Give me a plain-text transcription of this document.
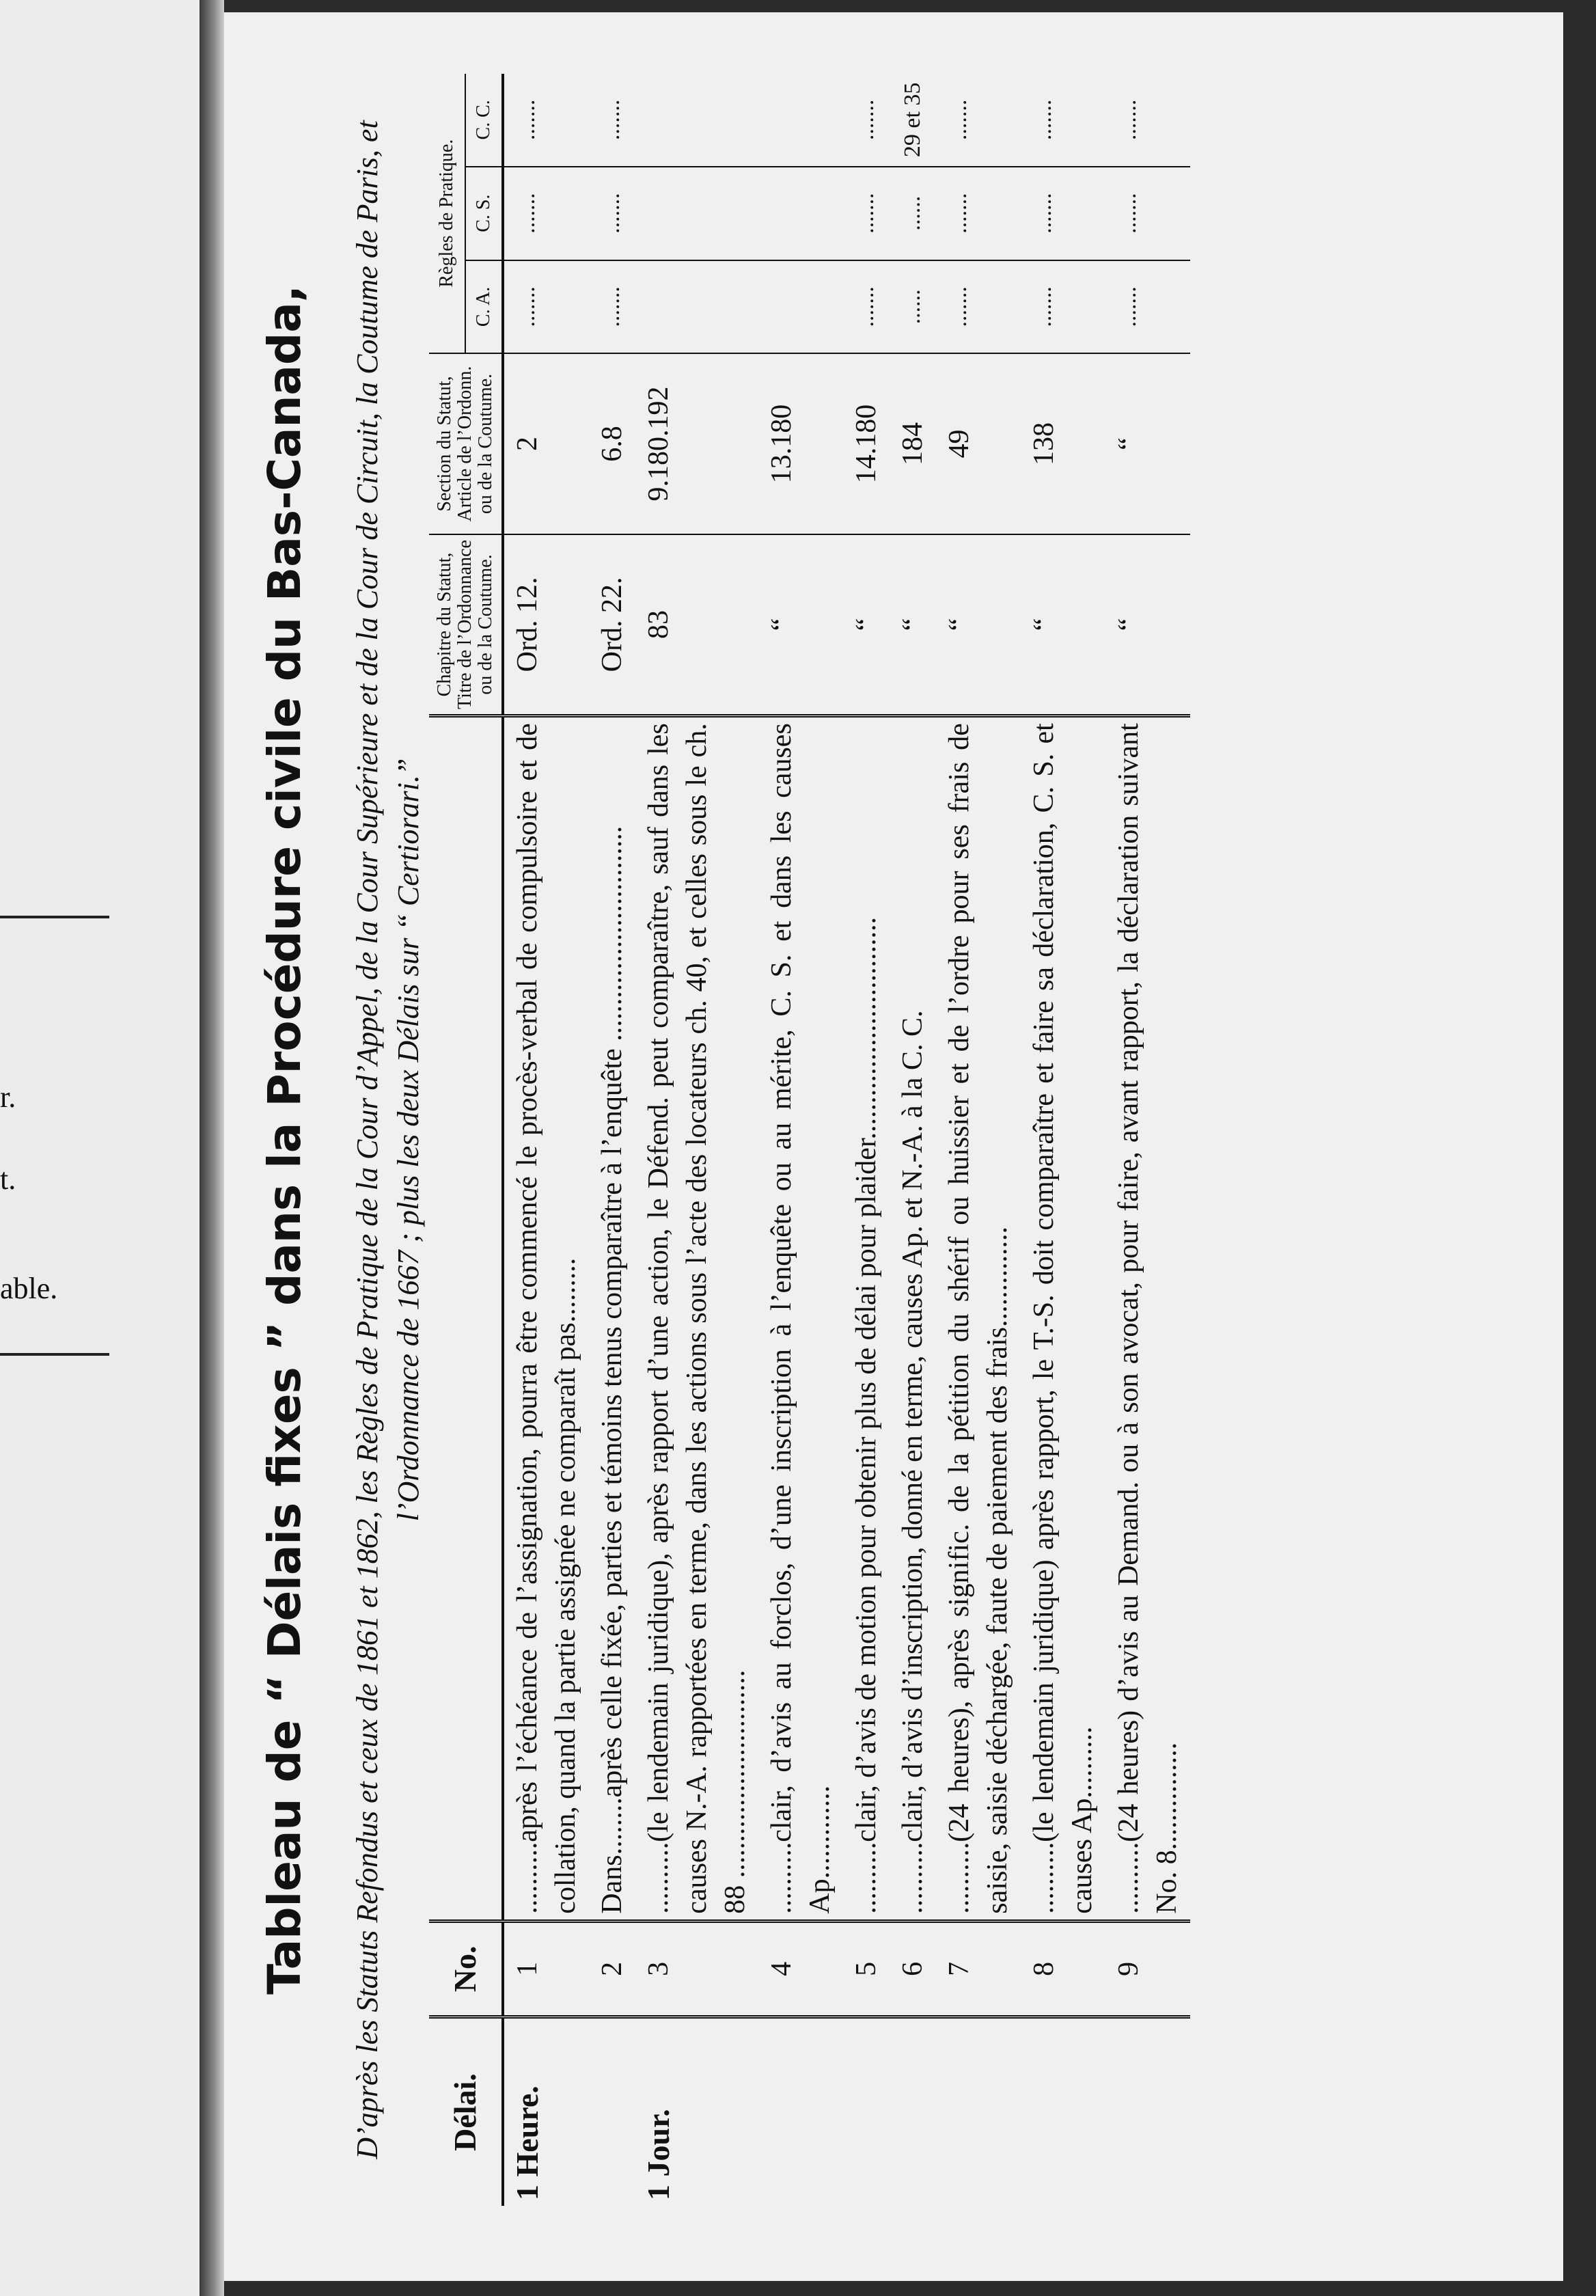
r.
t.
able.	Tableau de “ Délais fixes ” dans la Procédure civile du Bas-Canada, D’après les Statuts Refondus et ceux de 1861 et 1862, les Règles de Pratique de la Cour d’Appel, de la Cour Supérieure et de la Cour de Circuit, la Coutume de Paris, et l’Ordonnance de 1667 ; plus les deux Délais sur “ Certiorari.”
Délai.	No.		Chapitre du Statut, Titre de l’Ordonnance ou de la Coutume.	Section du Statut, Article de l’Ordonn. ou de la Coutume.	Règles de Pratique.		
					C. A.	C. S.	C. C.
1 Heure.	1	..........après l’échéance de l’assignation, pourra être commencé le procès-verbal de compulsoire et de collation, quand la partie assignée ne comparaît pas.........	Ord. 12.	2	.......	.......	.......
	2	Dans........après celle fixée, parties et témoins tenus comparaître à l’enquête ..............................	Ord. 22.	6.8	.......	.......	.......
1 Jour.	3	..........(le lendemain juridique), après rapport d’une action, le Défend. peut comparaître, sauf dans les causes N.-A. rapportées en terme, dans les actions sous l’acte des locateurs ch. 40, et celles sous le ch. 88 .............................	83	9.180.192			
	4	..........clair, d’avis au forclos, d’une inscription à l’enquête ou au mérite, C. S. et dans les causes Ap.............	“	13.180			
	5	..........clair, d’avis de motion pour obtenir plus de délai pour plaider...............................	“	14.180	.......	.......	.......
	6	..........clair, d’avis d’inscription, donné en terme, causes Ap. et N.-A. à la C. C.	“	184	......	......	29 et 35
	7	..........(24 heures), après signific. de la pétition du shérif ou huissier et de l’ordre pour ses frais de saisie, saisie déchargée, faute de paiement des frais..............	“	49	.......	.......	.......
	8	..........(le lendemain juridique) après rapport, le T.-S. doit comparaître et faire sa déclaration, C. S. et causes Ap..........	“	138	.......	.......	.......
	9	..........(24 heures) d’avis au Demand. ou à son avocat, pour faire, avant rapport, la déclaration suivant No. 8...............	“	“	.......	.......	.......
